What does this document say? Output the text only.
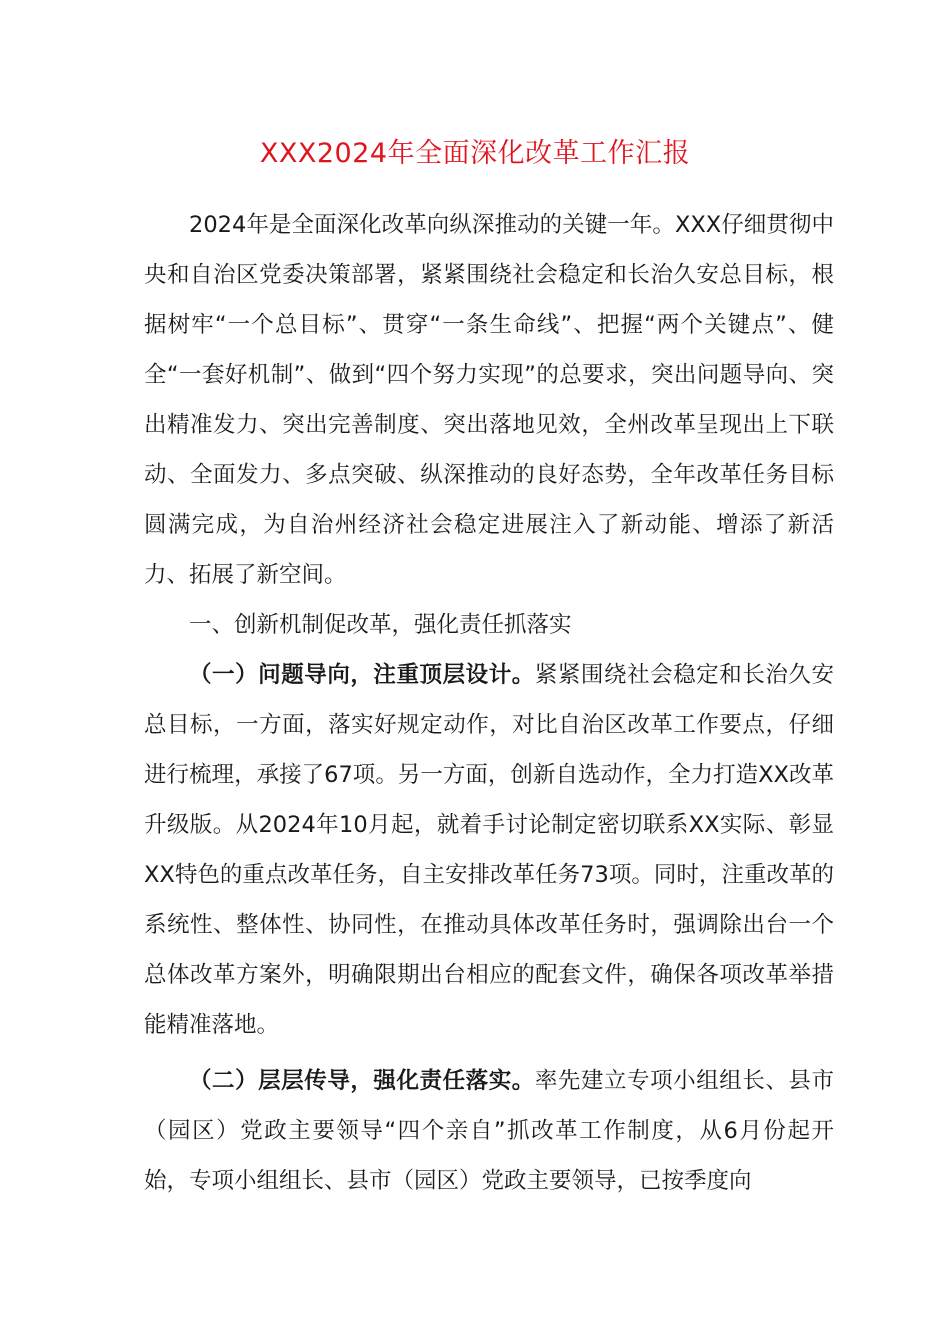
XXX2024年全面深化改革工作汇报

2024年是全面深化改革向纵深推动的关键一年。XXX仔细贯彻中央和自治区党委决策部署，紧紧围绕社会稳定和长治久安总目标，根据树牢“一个总目标”、贯穿“一条生命线”、把握“两个关键点”、健全“一套好机制”、做到“四个努力实现”的总要求，突出问题导向、突出精准发力、突出完善制度、突出落地见效，全州改革呈现出上下联动、全面发力、多点突破、纵深推动的良好态势，全年改革任务目标圆满完成，为自治州经济社会稳定进展注入了新动能、增添了新活力、拓展了新空间。

一、创新机制促改革，强化责任抓落实

（一）问题导向，注重顶层设计。紧紧围绕社会稳定和长治久安总目标，一方面，落实好规定动作，对比自治区改革工作要点，仔细进行梳理，承接了67项。另一方面，创新自选动作，全力打造XX改革升级版。从2024年10月起，就着手讨论制定密切联系XX实际、彰显XX特色的重点改革任务，自主安排改革任务73项。同时，注重改革的系统性、整体性、协同性，在推动具体改革任务时，强调除出台一个总体改革方案外，明确限期出台相应的配套文件，确保各项改革举措能精准落地。

（二）层层传导，强化责任落实。率先建立专项小组组长、县市（园区）党政主要领导“四个亲自”抓改革工作制度，从6月份起开始，专项小组组长、县市（园区）党政主要领导，已按季度向
